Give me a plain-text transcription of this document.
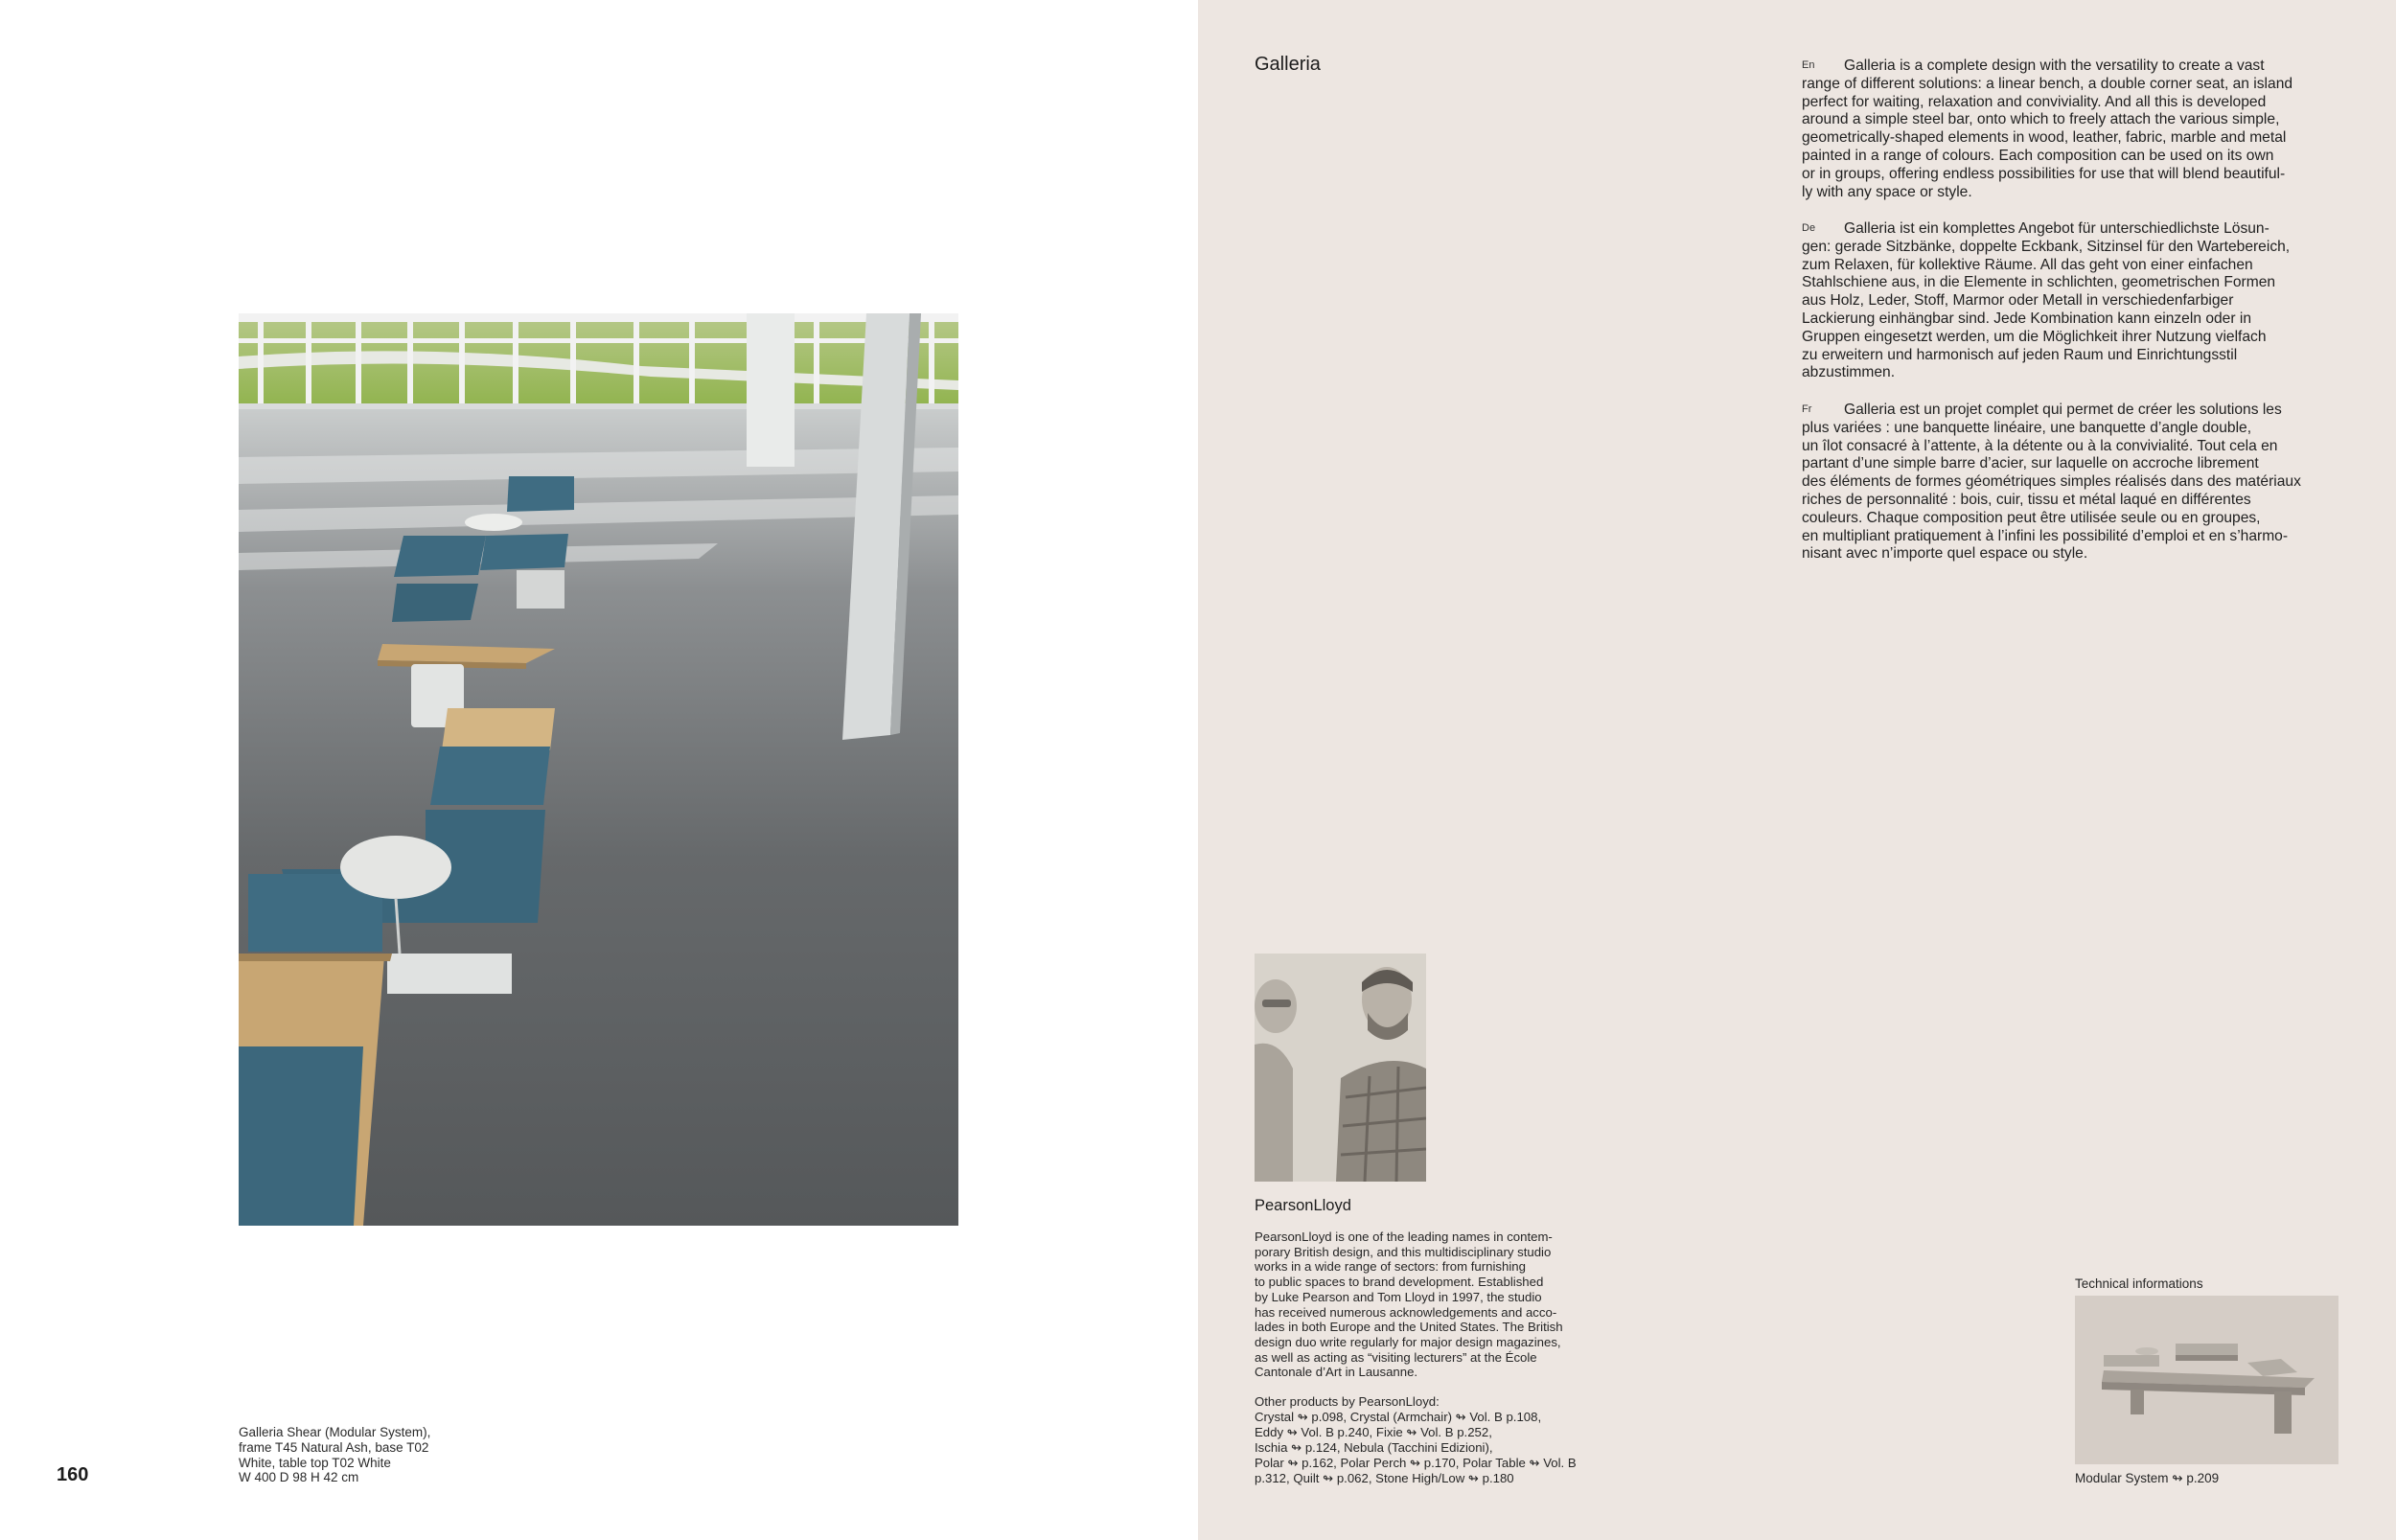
Galleria Shear (Modular System),
frame T45 Natural Ash, base T02
White, table top T02 White
W 400 D 98 H 42 cm
160
Galleria	En	Galleria is a complete design with the versatility to create a vast
range of different solutions: a linear bench, a double corner seat, an island
perfect for waiting, relaxation and conviviality. And all this is developed
around a simple steel bar, onto which to freely attach the various simple,
geometrically-shaped elements in wood, leather, fabric, marble and metal
painted in a range of colours. Each composition can be used on its own
or in groups, offering endless possibilities for use that will blend beautiful-
ly with any space or style.
De	Galleria ist ein komplettes Angebot für unterschiedlichste Lösun-
gen: gerade Sitzbänke, doppelte Eckbank, Sitzinsel für den Wartebereich,
zum Relaxen, für kollektive Räume. All das geht von einer einfachen
Stahlschiene aus, in die Elemente in schlichten, geometrischen Formen
aus Holz, Leder, Stoff, Marmor oder Metall in verschiedenfarbiger
Lackierung einhängbar sind. Jede Kombination kann einzeln oder in
Gruppen eingesetzt werden, um die Möglichkeit ihrer Nutzung vielfach
zu erweitern und harmonisch auf jeden Raum und Einrichtungsstil
abzustimmen.
Fr	Galleria est un projet complet qui permet de créer les solutions les
plus variées : une banquette linéaire, une banquette d’angle double,
un îlot consacré à l’attente, à la détente ou à la convivialité. Tout cela en
partant d’une simple barre d’acier, sur laquelle on accroche librement
des éléments de formes géométriques simples réalisés dans des matériaux
riches de personnalité : bois, cuir, tissu et métal laqué en différentes
couleurs. Chaque composition peut être utilisée seule ou en groupes,
en multipliant pratiquement à l’infini les possibilité d’emploi et en s’harmo-
nisant avec n’importe quel espace ou style.
PearsonLloyd
PearsonLloyd is one of the leading names in contem-
porary British design, and this multidisciplinary studio
works in a wide range of sectors: from furnishing
to public spaces to brand development. Established
by Luke Pearson and Tom Lloyd in 1997, the studio
has received numerous acknowledgements and acco-
lades in both Europe and the United States. The British
design duo write regularly for major design magazines,
as well as acting as “visiting lecturers” at the École
Cantonale d’Art in Lausanne.
Other products by PearsonLloyd:
Crystal ↬ p.098, Crystal (Armchair) ↬ Vol. B p.108,
Eddy ↬ Vol. B p.240, Fixie ↬ Vol. B p.252,
Ischia ↬ p.124, Nebula (Tacchini Edizioni),
Polar ↬ p.162, Polar Perch ↬ p.170, Polar Table ↬ Vol. B
p.312, Quilt ↬ p.062, Stone High/Low ↬ p.180
Technical informations
Modular System ↬ p.209
